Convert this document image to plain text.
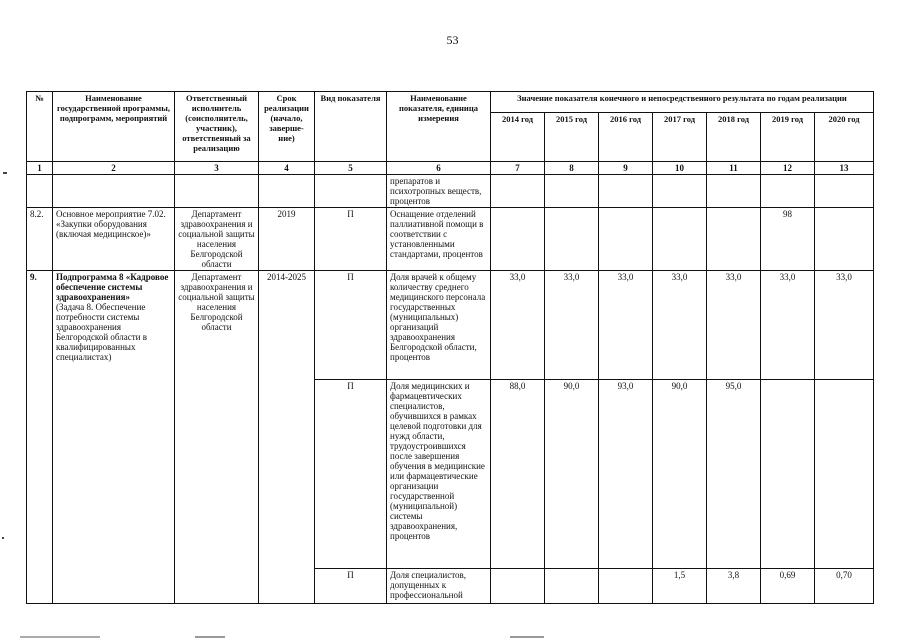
53
№	Наименование государственной программы, подпрограмм, мероприятий	Ответственный исполнитель (соисполнитель, участник), ответственный за реализацию	Срок реализации (начало, заверше-ние)	Вид показателя	Наименование показателя, единица измерения	Значение показателя конечного и непосредственного результата по годам реализации						
						2014 год	2015 год	2016 год	2017 год	2018 год	2019 год	2020 год
1	2	3	4	5	6	7	8	9	10	11	12	13
					препаратов и психотропных веществ, процентов							
8.2.	Основное мероприятие 7.02. «Закупки оборудования (включая медицинское)»	Департамент здравоохранения и социальной защиты населения Белгородской области	2019	П	Оснащение отделений паллиативной помощи в соответствии с установленными стандартами, процентов						98	
9.	Подпрограмма 8 «Кадровое обеспечение системы здравоохранения»
(Задача 8. Обеспечение потребности системы здравоохранения Белгородской области в квалифицированных специалистах)	Департамент здравоохранения и социальной защиты населения Белгородской области	2014-2025	П	Доля врачей к общему количеству среднего медицинского персонала государственных (муниципальных) организаций здравоохранения Белгородской области, процентов	33,0	33,0	33,0	33,0	33,0	33,0	33,0
				П	Доля медицинских и фармацевтических специалистов, обучившихся в рамках целевой подготовки для нужд области, трудоустроившихся после завершения обучения в медицинские или фармацевтические организации государственной (муниципальной) системы здравоохранения, процентов	88,0	90,0	93,0	90,0	95,0		
				П	Доля специалистов, допущенных к профессиональной				1,5	3,8	0,69	0,70
